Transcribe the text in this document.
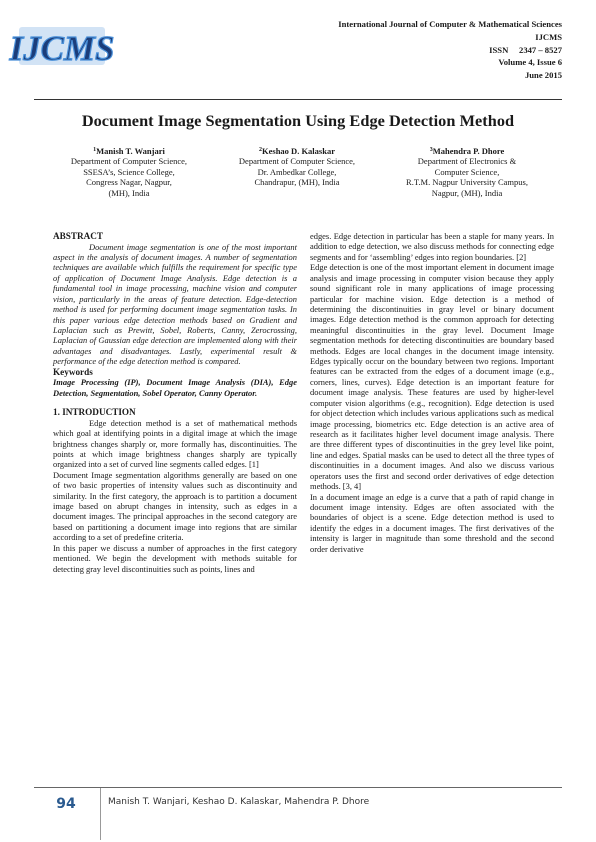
IJCMS
International Journal of Computer & Mathematical Sciences
IJCMS
ISSN     2347 – 8527
Volume 4, Issue 6
June 2015
Document Image Segmentation Using Edge Detection Method
$^1$Manish T. Wanjari
Department of Computer Science,
SSESA’s, Science College,
Congress Nagar, Nagpur,
(MH), India
$^2$Keshao D. Kalaskar
Department of Computer Science,
Dr. Ambedkar College,
Chandrapur, (MH), India
$^3$Mahendra P. Dhore
Department of Electronics &
Computer Science,
R.T.M. Nagpur University Campus,
Nagpur, (MH), India
ABSTRACT

Document image segmentation is one of the most important aspect in the analysis of document images. A number of segmentation techniques are available which fulfills the requirement for specific type of application of Document Image Analysis. Edge detection is a fundamental tool in image processing, machine vision and computer vision, particularly in the areas of feature detection. Edge-detection method is used for performing document image segmentation tasks. In this paper various edge detection methods based on Gradient and Laplacian such as Prewitt, Sobel, Roberts, Canny, Zerocrossing, Laplacian of Gaussian edge detection are implemented along with their advantages and disadvantages. Lastly, experimental result & performance of the edge detection method is compared.

Keywords

Image Processing (IP), Document Image Analysis (DIA), Edge Detection, Segmentation, Sobel Operator, Canny Operator.

1. INTRODUCTION

Edge detection method is a set of mathematical methods which goal at identifying points in a digital image at which the image brightness changes sharply or, more formally has, discontinuities. The points at which image brightness changes sharply are typically organized into a set of curved line segments called edges. [1]

Document Image segmentation algorithms generally are based on one of two basic properties of intensity values such as discontinuity and similarity. In the first category, the approach is to partition a document image based on abrupt changes in intensity, such as edges in a document images. The principal approaches in the second category are based on partitioning a document image into regions that are similar according to a set of predefine criteria.

In this paper we discuss a number of approaches in the first category mentioned. We begin the development with methods suitable for detecting gray level discontinuities such as points, lines and

edges. Edge detection in particular has been a staple for many years. In addition to edge detection, we also discuss methods for connecting edge segments and for ‘assembling’ edges into region boundaries. [2]

Edge detection is one of the most important element in document image analysis and image processing in computer vision because they apply sound significant role in many applications of image processing particular for machine vision. Edge detection is a method of determining the discontinuities in gray level or binary document images. Edge detection method is the common approach for detecting meaningful discontinuities in the gray level. Document Image segmentation methods for detecting discontinuities are boundary based methods. Edges are local changes in the document image intensity. Edges typically occur on the boundary between two regions. Important features can be extracted from the edges of a document image (e.g., corners, lines, curves). Edge detection is an important feature for document image analysis. These features are used by higher-level computer vision algorithms (e.g., recognition). Edge detection is used for object detection which includes various applications such as medical image processing, biometrics etc. Edge detection is an active area of research as it facilitates higher level document image analysis. There are three different types of discontinuities in the grey level like point, line and edges. Spatial masks can be used to detect all the three types of discontinuities in a document images. And also we discuss various operators uses the first and second order derivatives of edge detection methods. [3, 4]

In a document image an edge is a curve that a path of rapid change in document image intensity. Edges are often associated with the boundaries of object is a scene. Edge detection method is used to identify the edges in a document images. The first derivatives of the intensity is larger in magnitude than some threshold and the second order derivative

94	Manish T. Wanjari, Keshao D. Kalaskar, Mahendra P. Dhore
